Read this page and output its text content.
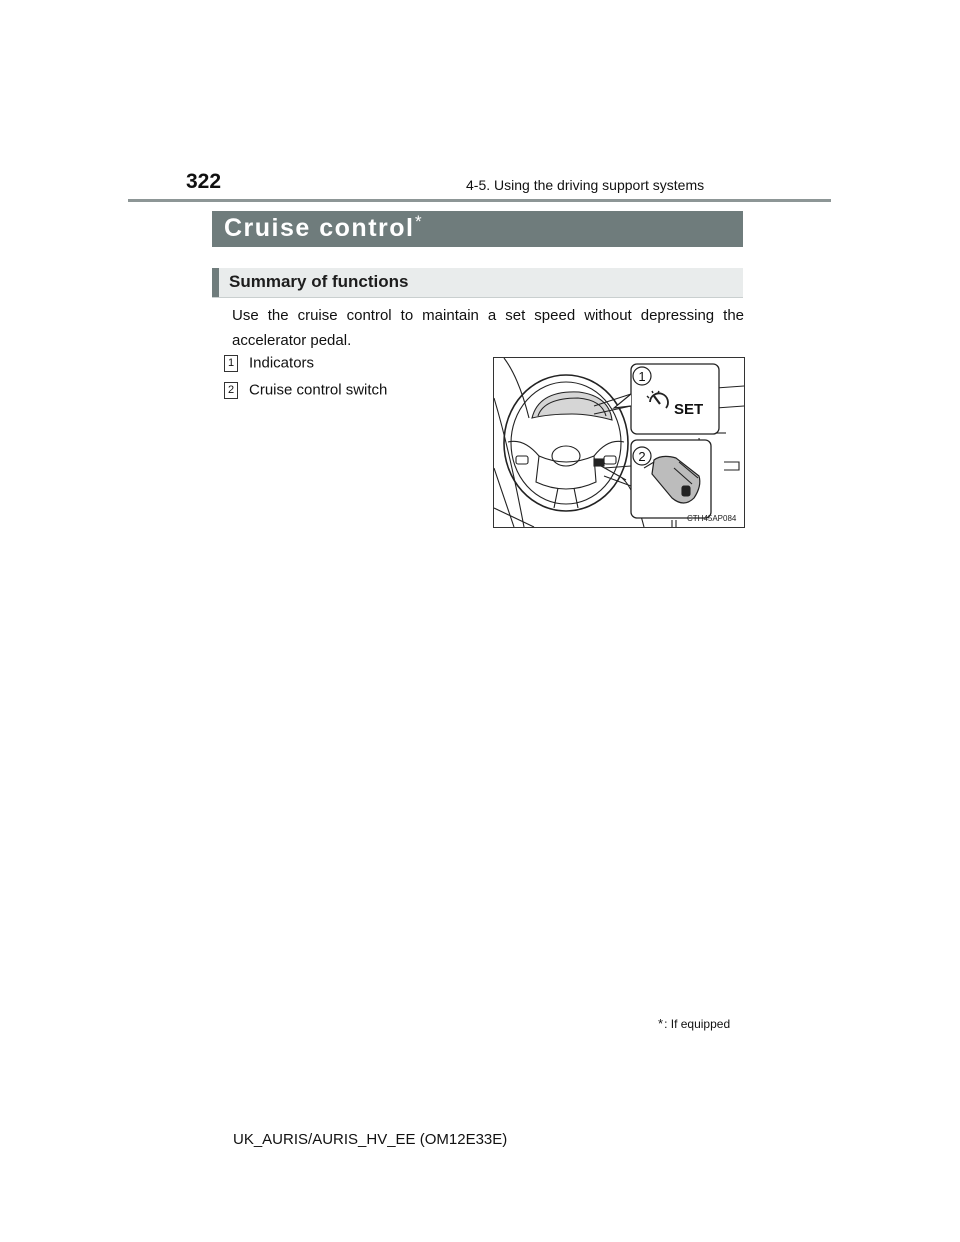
322	4-5. Using the driving support systems
Cruise control *
Summary of functions
Use the cruise control to maintain a set speed without depressing the accelerator pedal.
1 Indicators
2 Cruise control switch
1
2
SET
CTH45AP084
*: If equipped
UK_AURIS/AURIS_HV_EE (OM12E33E)
